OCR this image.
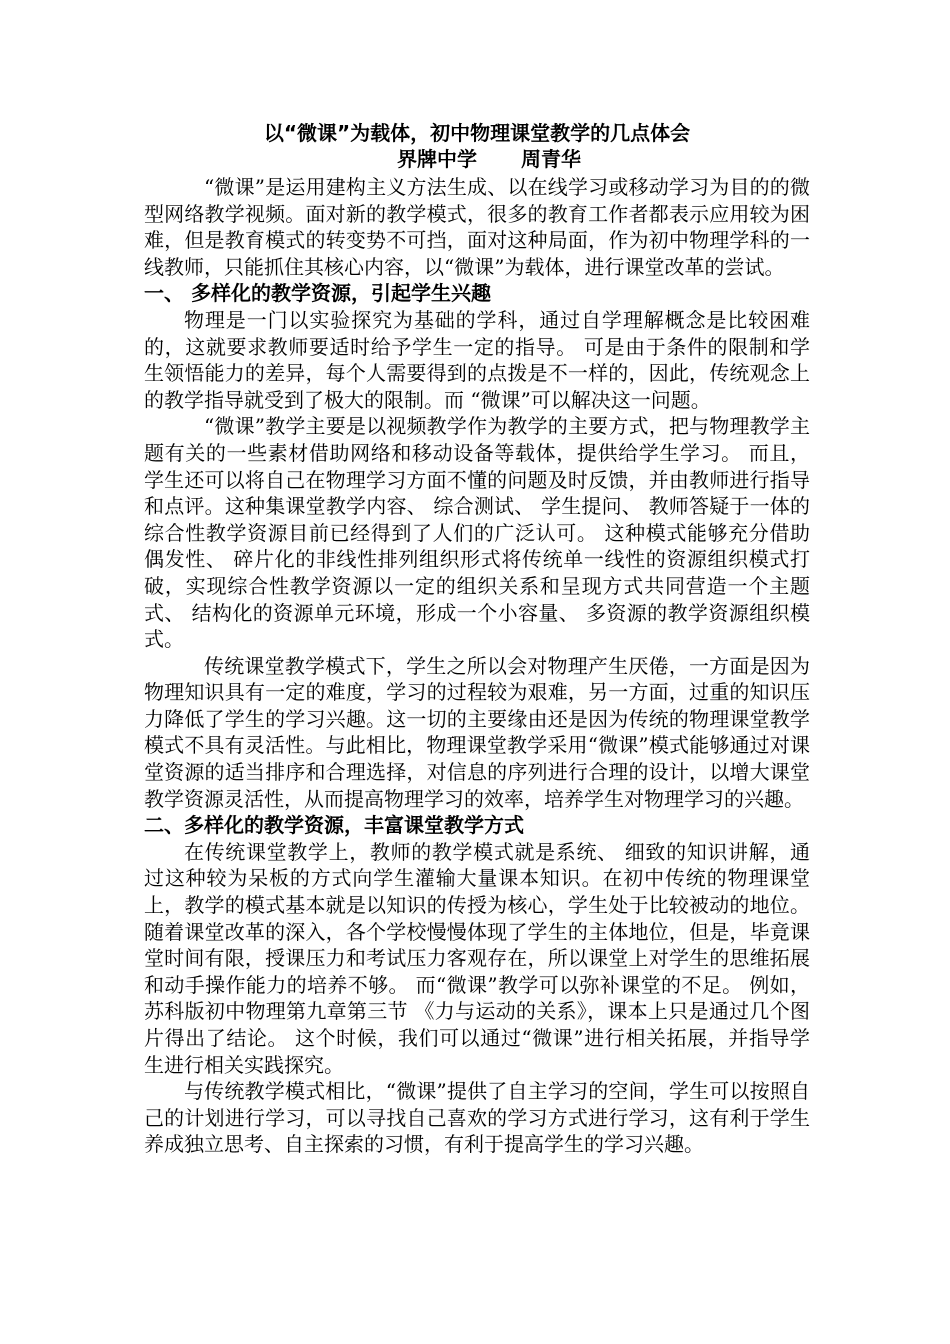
以“微课”为载体，初中物理课堂教学的几点体会

界牌中学 周青华

“微课”是运用建构主义方法生成、以在线学习或移动学习为目的的微型网络教学视频。面对新的教学模式，很多的教育工作者都表示应用较为困难，但是教育模式的转变势不可挡，面对这种局面，作为初中物理学科的一线教师，只能抓住其核心内容，以“微课”为载体，进行课堂改革的尝试。

一、 多样化的教学资源，引起学生兴趣

物理是一门以实验探究为基础的学科，通过自学理解概念是比较困难的，这就要求教师要适时给予学生一定的指导。 可是由于条件的限制和学生领悟能力的差异，每个人需要得到的点拨是不一样的，因此，传统观念上的教学指导就受到了极大的限制。而 “微课”可以解决这一问题。

“微课”教学主要是以视频教学作为教学的主要方式，把与物理教学主题有关的一些素材借助网络和移动设备等载体，提供给学生学习。 而且，学生还可以将自己在物理学习方面不懂的问题及时反馈，并由教师进行指导和点评。这种集课堂教学内容、 综合测试、 学生提问、 教师答疑于一体的综合性教学资源目前已经得到了人们的广泛认可。 这种模式能够充分借助偶发性、 碎片化的非线性排列组织形式将传统单一线性的资源组织模式打破，实现综合性教学资源以一定的组织关系和呈现方式共同营造一个主题式、 结构化的资源单元环境，形成一个小容量、 多资源的教学资源组织模式。

传统课堂教学模式下，学生之所以会对物理产生厌倦，一方面是因为物理知识具有一定的难度，学习的过程较为艰难，另一方面，过重的知识压力降低了学生的学习兴趣。这一切的主要缘由还是因为传统的物理课堂教学模式不具有灵活性。与此相比，物理课堂教学采用“微课”模式能够通过对课堂资源的适当排序和合理选择，对信息的序列进行合理的设计，以增大课堂教学资源灵活性，从而提高物理学习的效率，培养学生对物理学习的兴趣。

二、多样化的教学资源，丰富课堂教学方式

在传统课堂教学上，教师的教学模式就是系统、 细致的知识讲解，通过这种较为呆板的方式向学生灌输大量课本知识。在初中传统的物理课堂上，教学的模式基本就是以知识的传授为核心，学生处于比较被动的地位。随着课堂改革的深入，各个学校慢慢体现了学生的主体地位，但是，毕竟课堂时间有限，授课压力和考试压力客观存在，所以课堂上对学生的思维拓展和动手操作能力的培养不够。 而“微课”教学可以弥补课堂的不足。 例如，苏科版初中物理第九章第三节 《力与运动的关系》，课本上只是通过几个图片得出了结论。 这个时候，我们可以通过“微课”进行相关拓展，并指导学生进行相关实践探究。

与传统教学模式相比，“微课”提供了自主学习的空间，学生可以按照自己的计划进行学习，可以寻找自己喜欢的学习方式进行学习，这有利于学生养成独立思考、自主探索的习惯，有利于提高学生的学习兴趣。
